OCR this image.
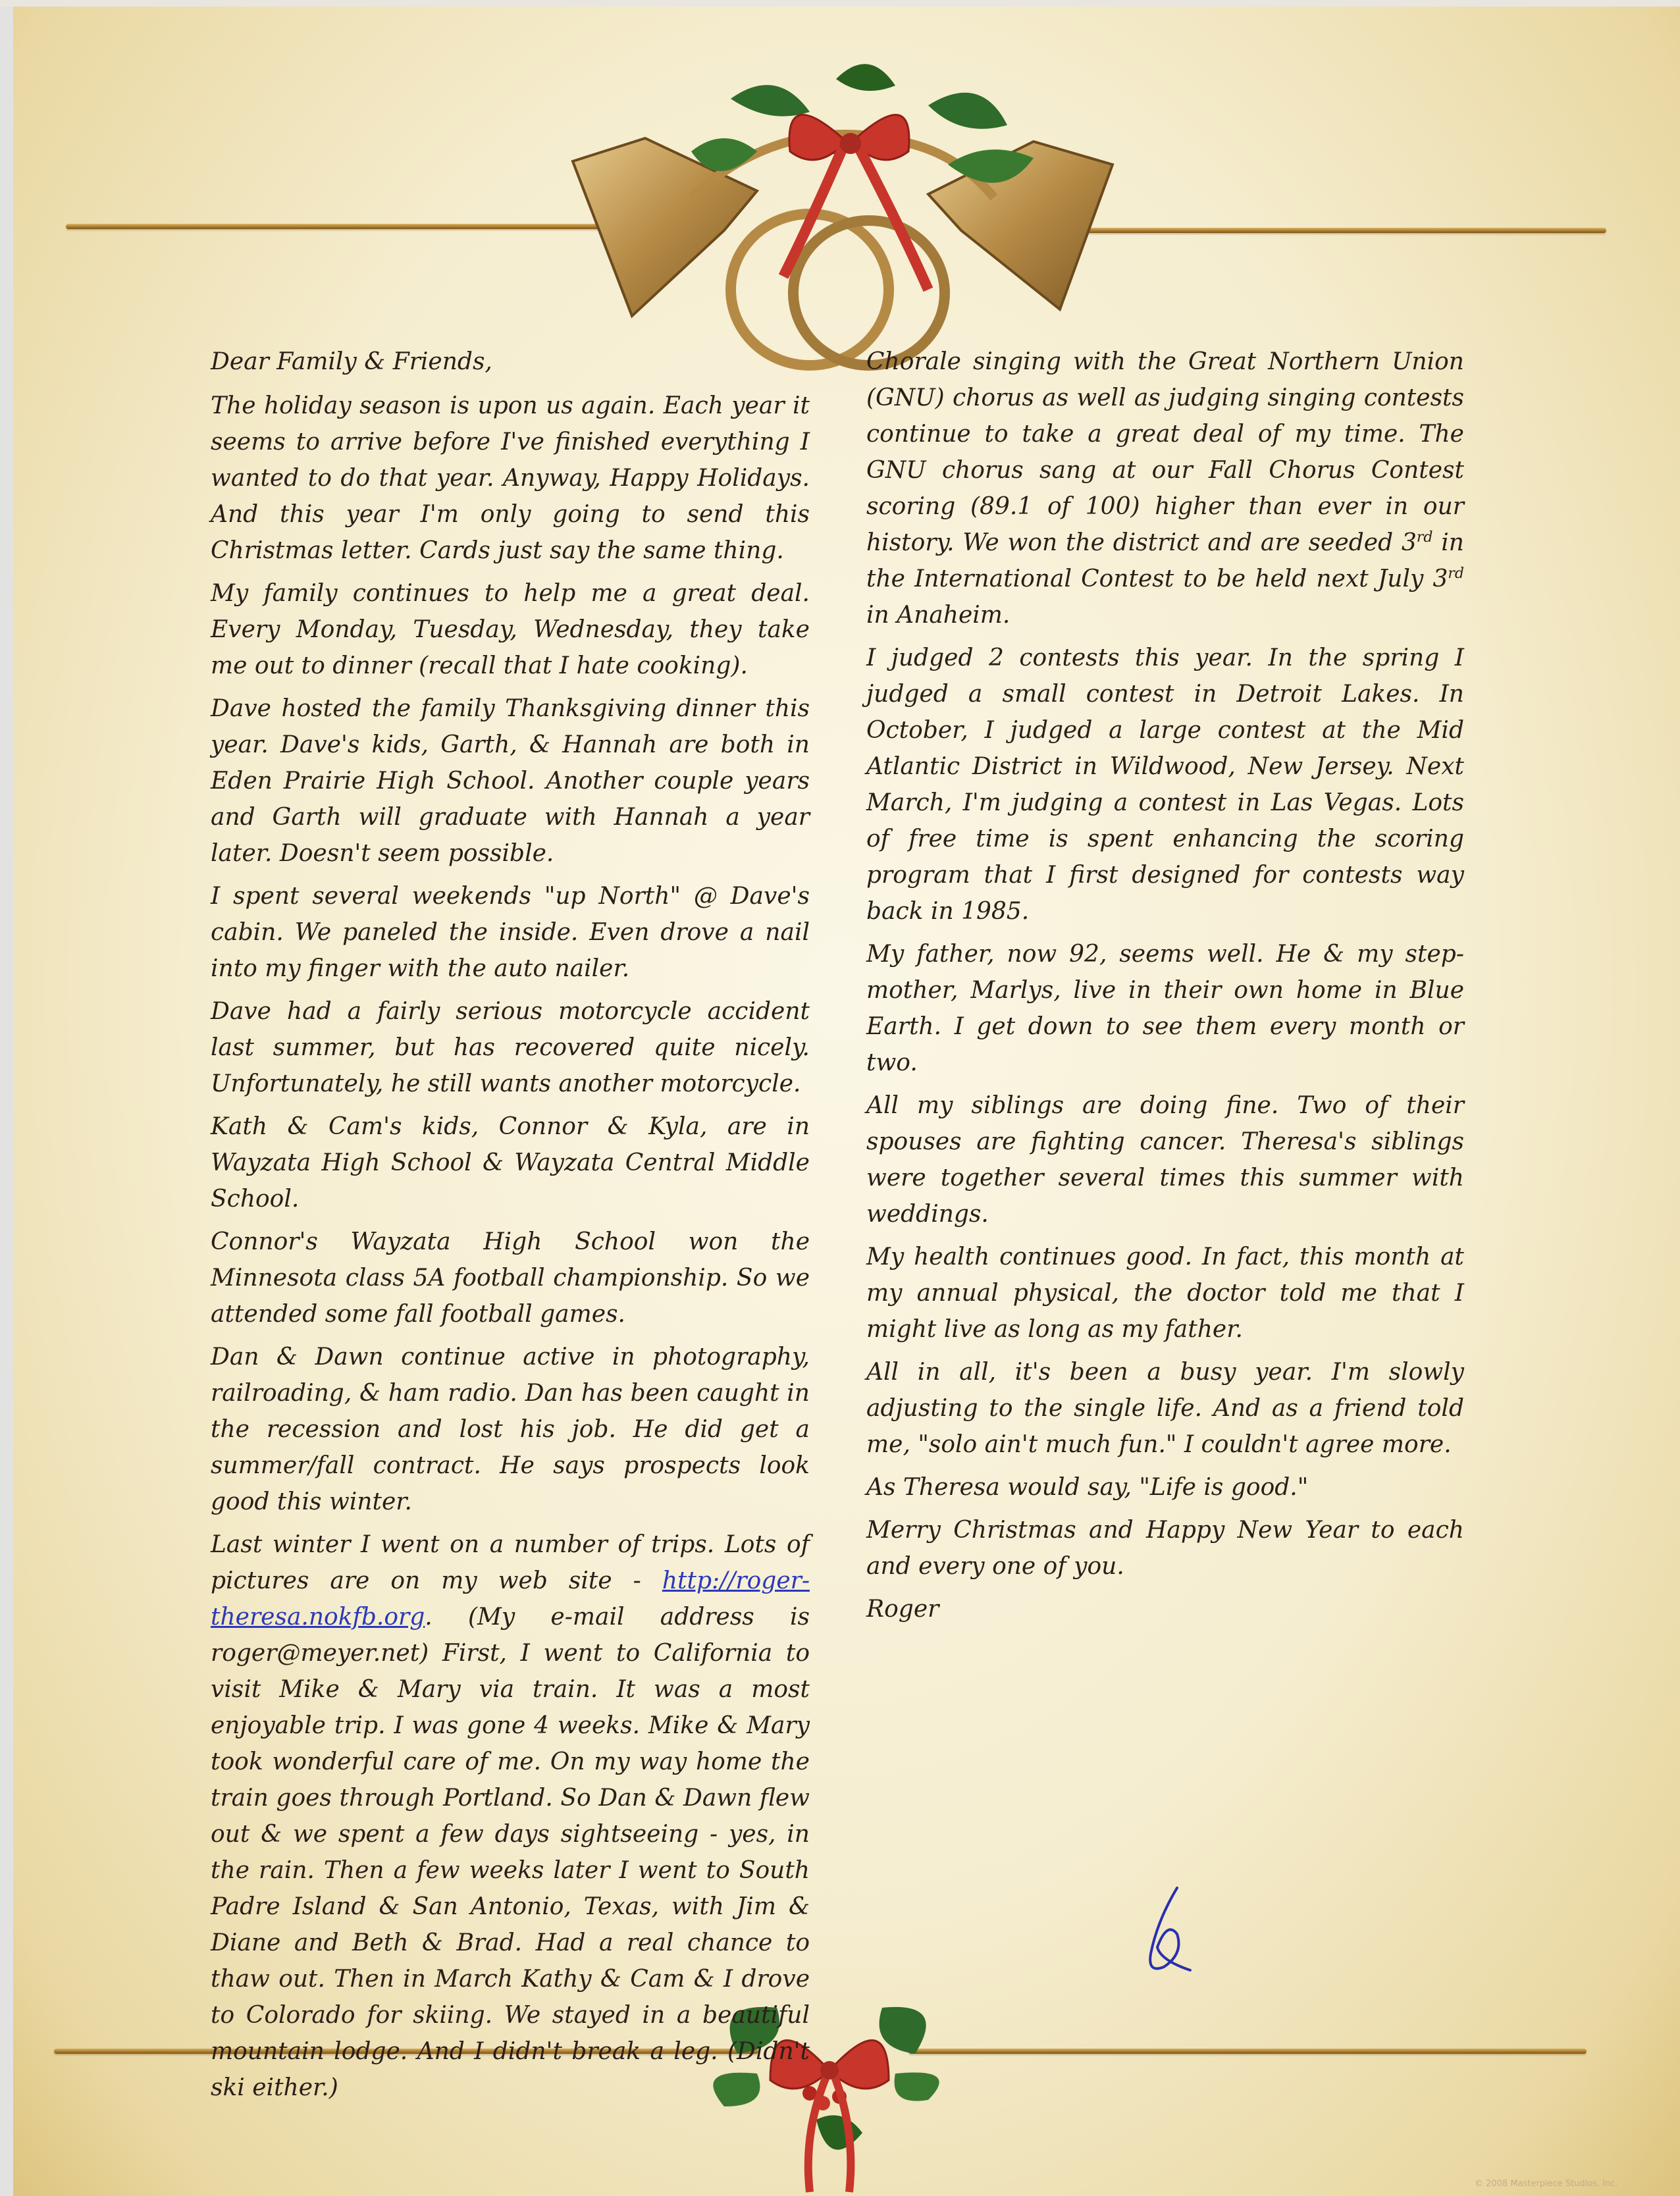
Dear Family & Friends,

The holiday season is upon us again. Each year it seems to arrive before I've finished everything I wanted to do that year. Anyway, Happy Holidays. And this year I'm only going to send this Christmas letter. Cards just say the same thing.

My family continues to help me a great deal. Every Monday, Tuesday, Wednesday, they take me out to dinner (recall that I hate cooking).

Dave hosted the family Thanksgiving dinner this year. Dave's kids, Garth, & Hannah are both in Eden Prairie High School. Another couple years and Garth will graduate with Hannah a year later. Doesn't seem possible.

I spent several weekends "up North" @ Dave's cabin. We paneled the inside. Even drove a nail into my finger with the auto nailer.

Dave had a fairly serious motorcycle accident last summer, but has recovered quite nicely. Unfortunately, he still wants another motorcycle.

Kath & Cam's kids, Connor & Kyla, are in Wayzata High School & Wayzata Central Middle School.

Connor's Wayzata High School won the Minnesota class 5A football championship. So we attended some fall football games.

Dan & Dawn continue active in photography, railroading, & ham radio. Dan has been caught in the recession and lost his job. He did get a summer/fall contract. He says prospects look good this winter.

Last winter I went on a number of trips. Lots of pictures are on my web site - http://roger-theresa.nokfb.org. (My e-mail address is roger@meyer.net) First, I went to California to visit Mike & Mary via train. It was a most enjoyable trip. I was gone 4 weeks. Mike & Mary took wonderful care of me. On my way home the train goes through Portland. So Dan & Dawn flew out & we spent a few days sightseeing - yes, in the rain. Then a few weeks later I went to South Padre Island & San Antonio, Texas, with Jim & Diane and Beth & Brad. Had a real chance to thaw out. Then in March Kathy & Cam & I drove to Colorado for skiing. We stayed in a beautiful mountain lodge. And I didn't break a leg. (Didn't ski either.)

Chorale singing with the Great Northern Union (GNU) chorus as well as judging singing contests continue to take a great deal of my time. The GNU chorus sang at our Fall Chorus Contest scoring (89.1 of 100) higher than ever in our history. We won the district and are seeded 3rd in the International Contest to be held next July 3rd in Anaheim.

I judged 2 contests this year. In the spring I judged a small contest in Detroit Lakes. In October, I judged a large contest at the Mid Atlantic District in Wildwood, New Jersey. Next March, I'm judging a contest in Las Vegas. Lots of free time is spent enhancing the scoring program that I first designed for contests way back in 1985.

My father, now 92, seems well. He & my step-mother, Marlys, live in their own home in Blue Earth. I get down to see them every month or two.

All my siblings are doing fine. Two of their spouses are fighting cancer. Theresa's siblings were together several times this summer with weddings.

My health continues good. In fact, this month at my annual physical, the doctor told me that I might live as long as my father.

All in all, it's been a busy year. I'm slowly adjusting to the single life. And as a friend told me, "solo ain't much fun." I couldn't agree more.

As Theresa would say, "Life is good."

Merry Christmas and Happy New Year to each and every one of you.

Roger

© 2008 Masterpiece Studios, Inc.
